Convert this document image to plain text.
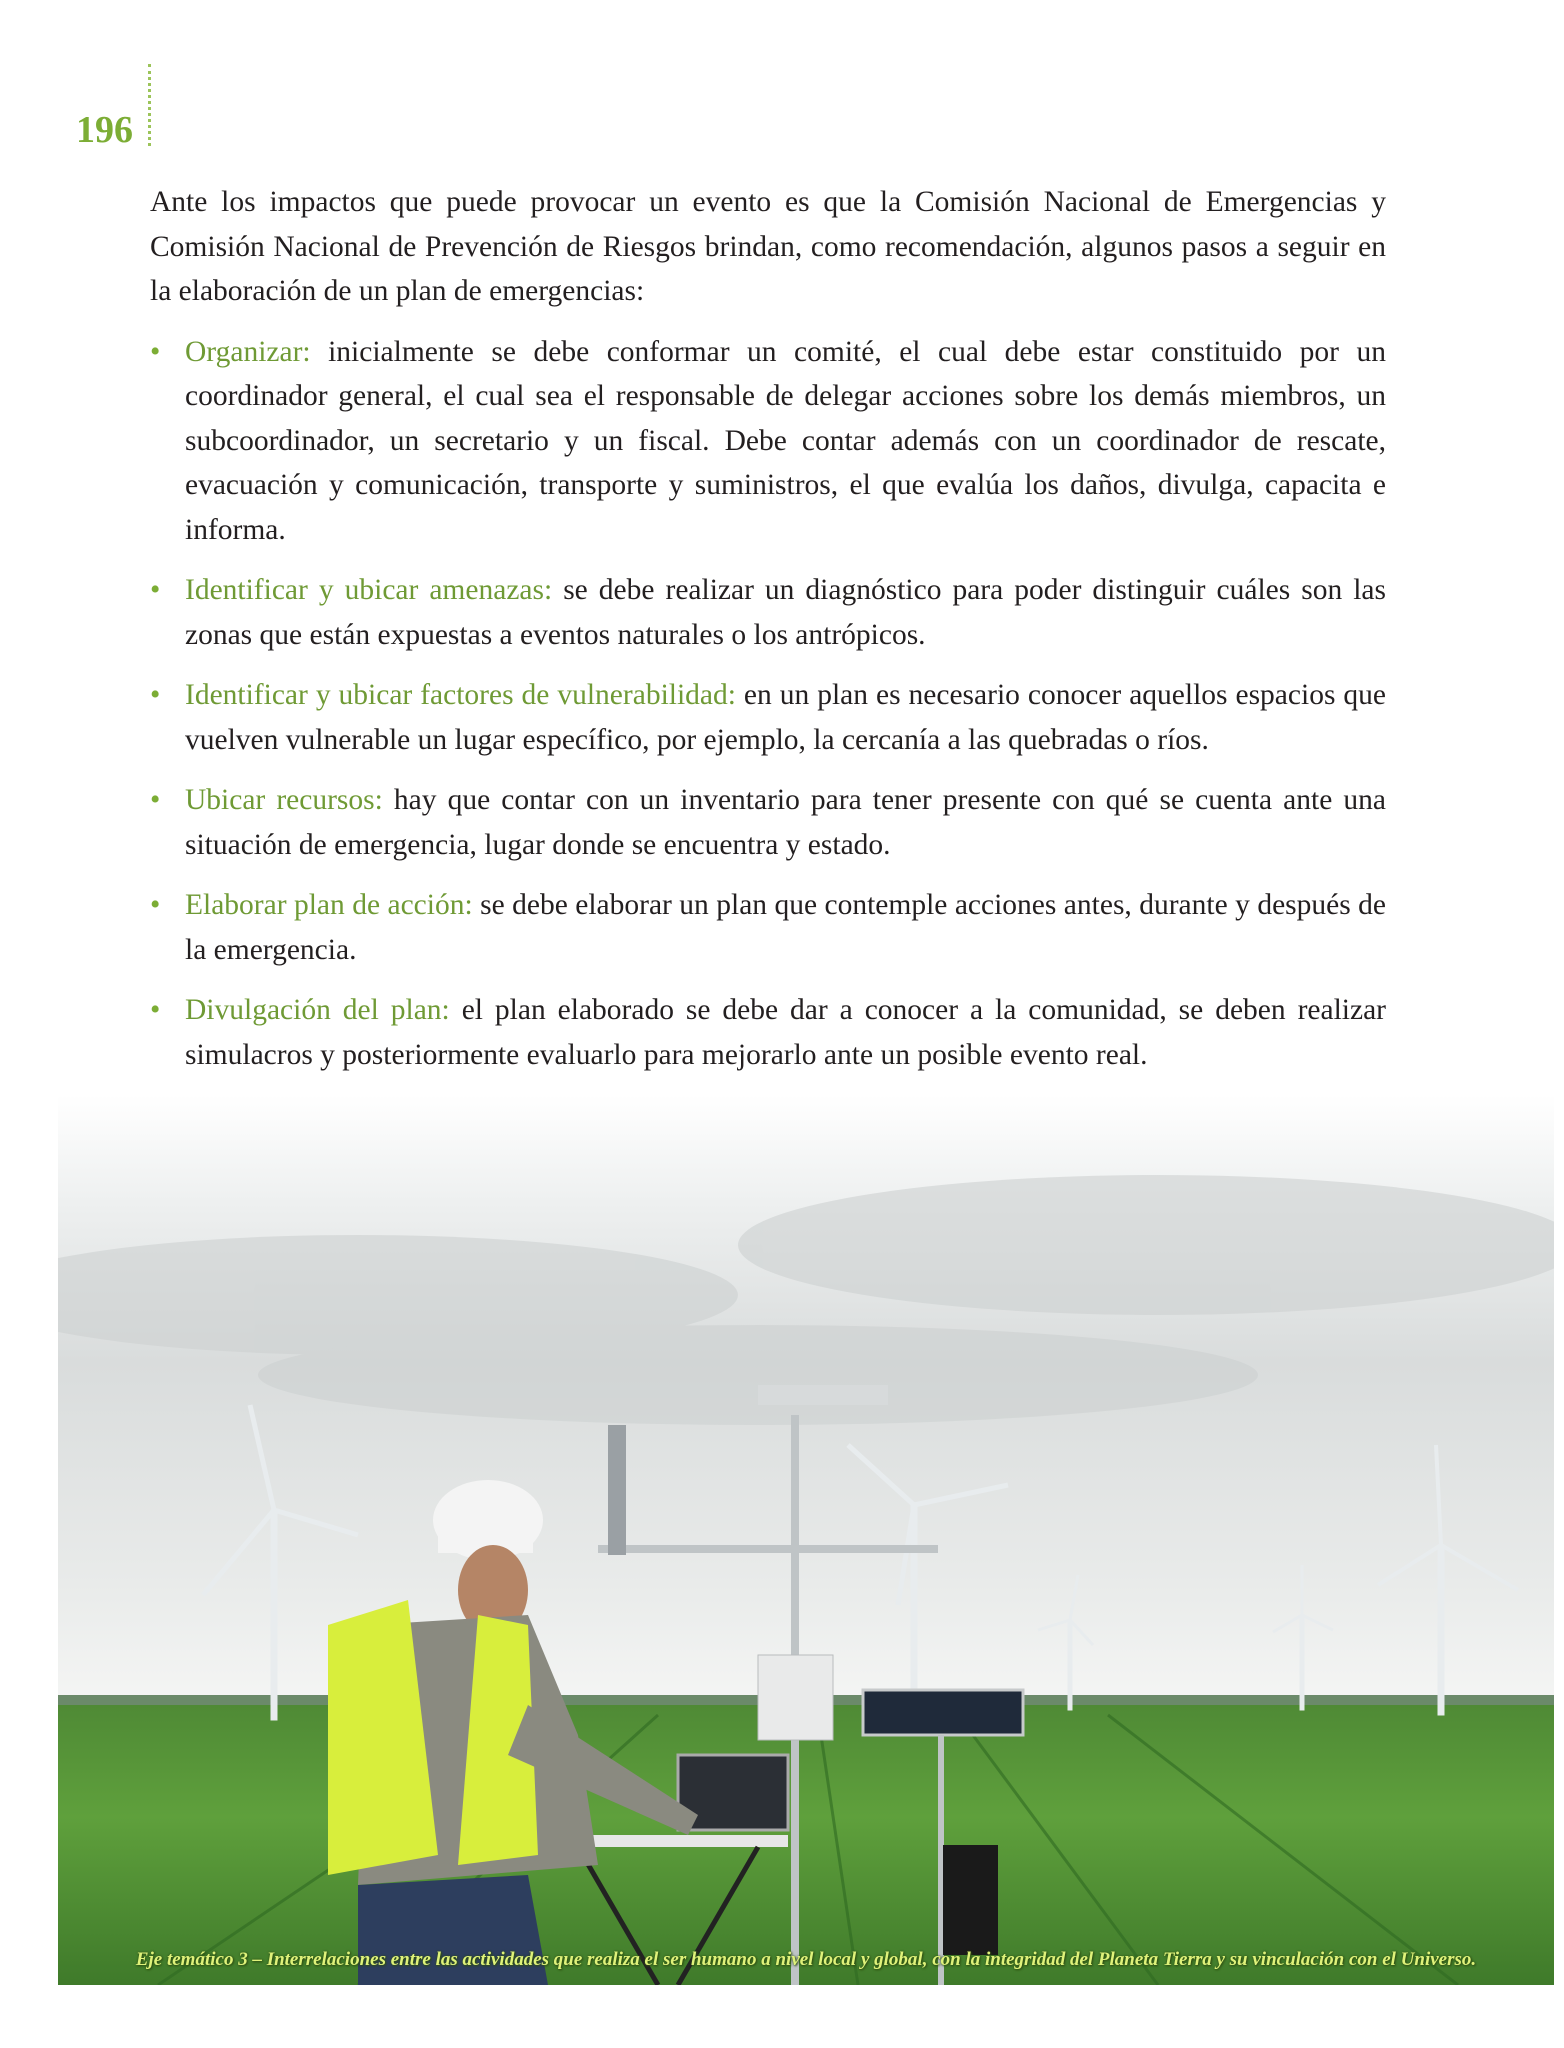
196

Ante los impactos que puede provocar un evento es que la Comisión Nacional de Emergencias y Comisión Nacional de Prevención de Riesgos brindan, como recomendación, algunos pasos a seguir en la elaboración de un plan de emergencias:

• Organizar: inicialmente se debe conformar un comité, el cual debe estar constituido por un coordinador general, el cual sea el responsable de delegar acciones sobre los demás miembros, un subcoordinador, un secretario y un fiscal. Debe contar además con un coordinador de rescate, evacuación y comunicación, transporte y suministros, el que evalúa los daños, divulga, capacita e informa.
• Identificar y ubicar amenazas: se debe realizar un diagnóstico para poder distinguir cuáles son las zonas que están expuestas a eventos naturales o los antrópicos.
• Identificar y ubicar factores de vulnerabilidad: en un plan es necesario conocer aquellos espacios que vuelven vulnerable un lugar específico, por ejemplo, la cercanía a las quebradas o ríos.
• Ubicar recursos: hay que contar con un inventario para tener presente con qué se cuenta ante una situación de emergencia, lugar donde se encuentra y estado.
• Elaborar plan de acción: se debe elaborar un plan que contemple acciones antes, durante y después de la emergencia.
• Divulgación del plan: el plan elaborado se debe dar a conocer a la comunidad, se deben realizar simulacros y posteriormente evaluarlo para mejorarlo ante un posible evento real.
Eje temático 3 – Interrelaciones entre las actividades que realiza el ser humano a nivel local y global, con la integridad del Planeta Tierra y su vinculación con el Universo.
